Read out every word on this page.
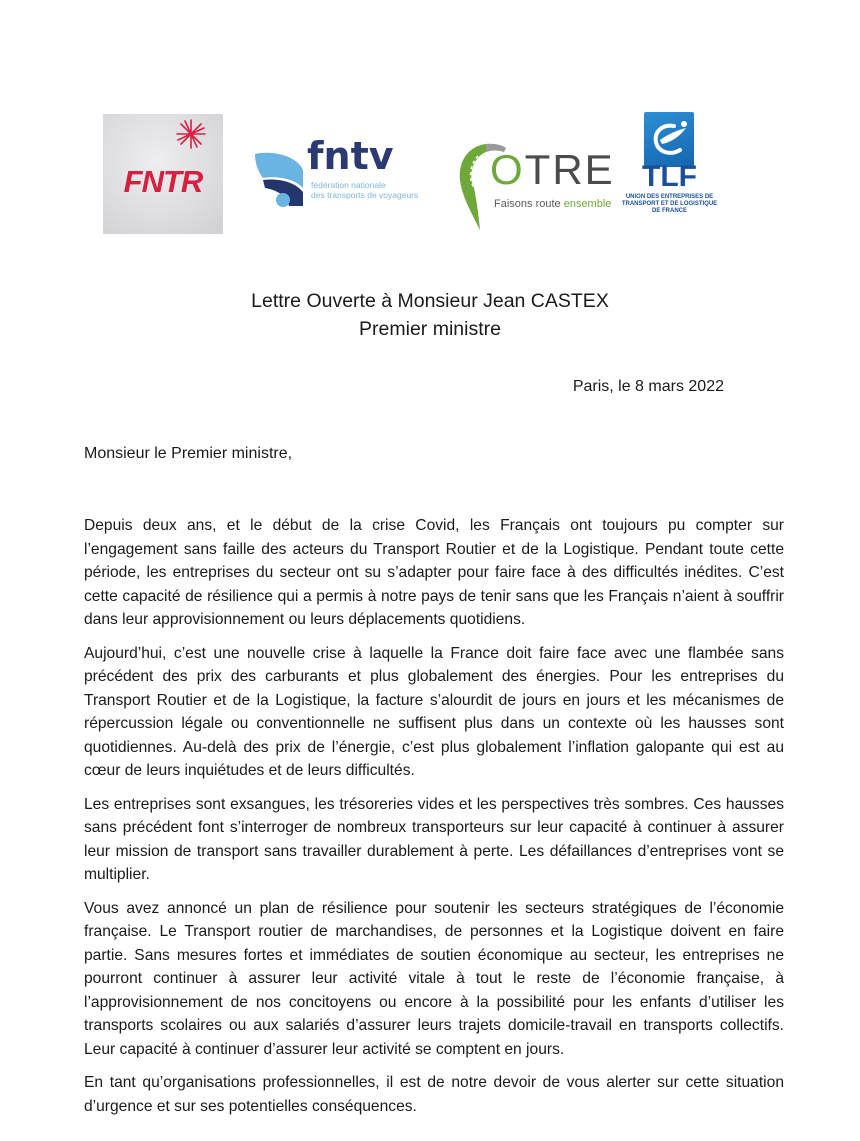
FNTR
fntv
fédération nationale
des transports de voyageurs
OTRE
Faisons route ensemble
TLF
UNION DES ENTREPRISES DE
TRANSPORT ET DE LOGISTIQUE
DE FRANCE
Lettre Ouverte à Monsieur Jean CASTEX
Premier ministre
Paris, le 8 mars 2022
Monsieur le Premier ministre,

Depuis deux ans, et le début de la crise Covid, les Français ont toujours pu compter sur l’engagement sans faille des acteurs du Transport Routier et de la Logistique. Pendant toute cette période, les entreprises du secteur ont su s’adapter pour faire face à des difficultés inédites. C’est cette capacité de résilience qui a permis à notre pays de tenir sans que les Français n’aient à souffrir dans leur approvisionnement ou leurs déplacements quotidiens.

Aujourd’hui, c’est une nouvelle crise à laquelle la France doit faire face avec une flambée sans précédent des prix des carburants et plus globalement des énergies. Pour les entreprises du Transport Routier et de la Logistique, la facture s’alourdit de jours en jours et les mécanismes de répercussion légale ou conventionnelle ne suffisent plus dans un contexte où les hausses sont quotidiennes. Au-delà des prix de l’énergie, c’est plus globalement l’inflation galopante qui est au cœur de leurs inquiétudes et de leurs difficultés.

Les entreprises sont exsangues, les trésoreries vides et les perspectives très sombres. Ces hausses sans précédent font s’interroger de nombreux transporteurs sur leur capacité à continuer à assurer leur mission de transport sans travailler durablement à perte. Les défaillances d’entreprises vont se multiplier.

Vous avez annoncé un plan de résilience pour soutenir les secteurs stratégiques de l’économie française. Le Transport routier de marchandises, de personnes et la Logistique doivent en faire partie. Sans mesures fortes et immédiates de soutien économique au secteur, les entreprises ne pourront continuer à assurer leur activité vitale à tout le reste de l’économie française, à l’approvisionnement de nos concitoyens ou encore à la possibilité pour les enfants d’utiliser les transports scolaires ou aux salariés d’assurer leurs trajets domicile-travail en transports collectifs. Leur capacité à continuer d’assurer leur activité se comptent en jours.

En tant qu’organisations professionnelles, il est de notre devoir de vous alerter sur cette situation d’urgence et sur ses potentielles conséquences.
